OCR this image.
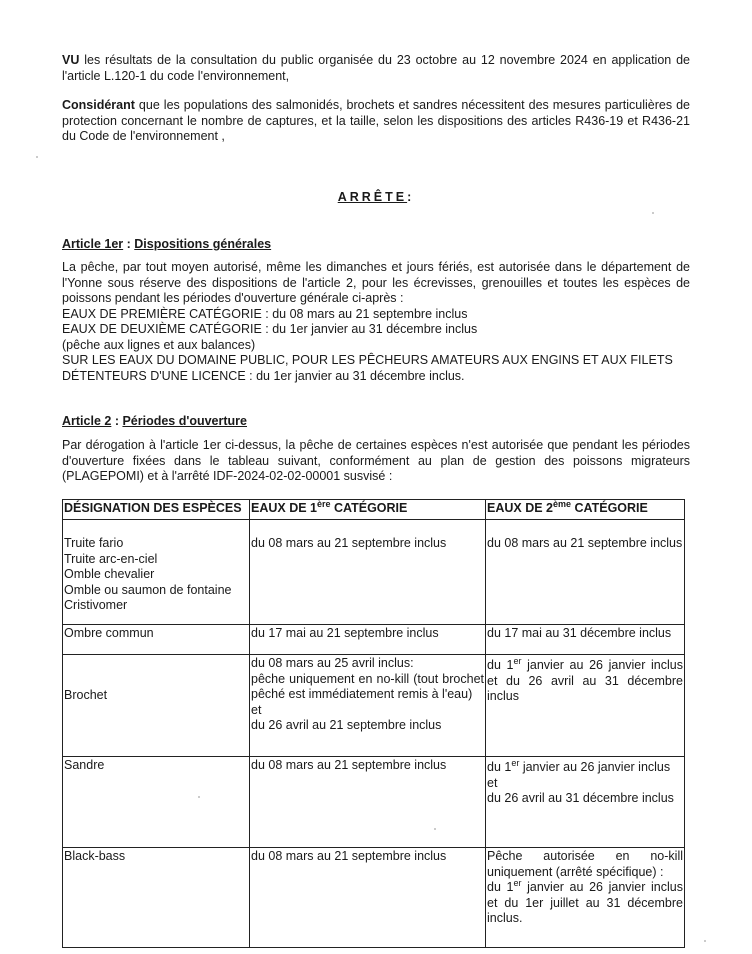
VU les résultats de la consultation du public organisée du 23 octobre au 12 novembre 2024 en application de l'article L.120-1 du code l'environnement,
Considérant que les populations des salmonidés, brochets et sandres nécessitent des mesures particulières de protection concernant le nombre de captures, et la taille, selon les dispositions des articles R436-19 et R436-21 du Code de l'environnement ,
ARRÊTE:
Article 1er : Dispositions générales
La pêche, par tout moyen autorisé, même les dimanches et jours fériés, est autorisée dans le département de l'Yonne sous réserve des dispositions de l'article 2, pour les écrevisses, grenouilles et toutes les espèces de poissons pendant les périodes d'ouverture générale ci-après :
EAUX DE PREMIÈRE CATÉGORIE : du 08 mars au 21 septembre inclus
EAUX DE DEUXIÈME CATÉGORIE : du 1er janvier au 31 décembre inclus
(pêche aux lignes et aux balances)
SUR LES EAUX DU DOMAINE PUBLIC, POUR LES PÊCHEURS AMATEURS AUX ENGINS ET AUX FILETS DÉTENTEURS D'UNE LICENCE : du 1er janvier au 31 décembre inclus.
Article 2 : Périodes d'ouverture
Par dérogation à l'article 1er ci-dessus, la pêche de certaines espèces n'est autorisée que pendant les périodes d'ouverture fixées dans le tableau suivant, conformément au plan de gestion des poissons migrateurs (PLAGEPOMI) et à l'arrêté IDF-2024-02-02-00001 susvisé :
DÉSIGNATION DES ESPÈCES	EAUX DE 1ère CATÉGORIE	EAUX DE 2ème CATÉGORIE

Truite fario
Truite arc-en-ciel
Omble chevalier
Omble ou saumon de fontaine
Cristivomer	du 08 mars au 21 septembre inclus	du 08 mars au 21 septembre inclus
Ombre commun	du 17 mai au 21 septembre inclus	du 17 mai au 31 décembre inclus
Brochet	du 08 mars au 25 avril inclus:
pêche uniquement en no-kill (tout brochet pêché est immédiatement remis à l'eau)
et
du 26 avril au 21 septembre inclus	du 1er janvier au 26 janvier inclus et du 26 avril au 31 décembre inclus
Sandre	du 08 mars au 21 septembre inclus	du 1er janvier au 26 janvier inclus
et
du 26 avril au 31 décembre inclus

Black-bass	du 08 mars au 21 septembre inclus	Pêche autorisée en no-kill uniquement (arrêté spécifique) :
du 1er janvier au 26 janvier inclus et du 1er juillet au 31 décembre inclus.
